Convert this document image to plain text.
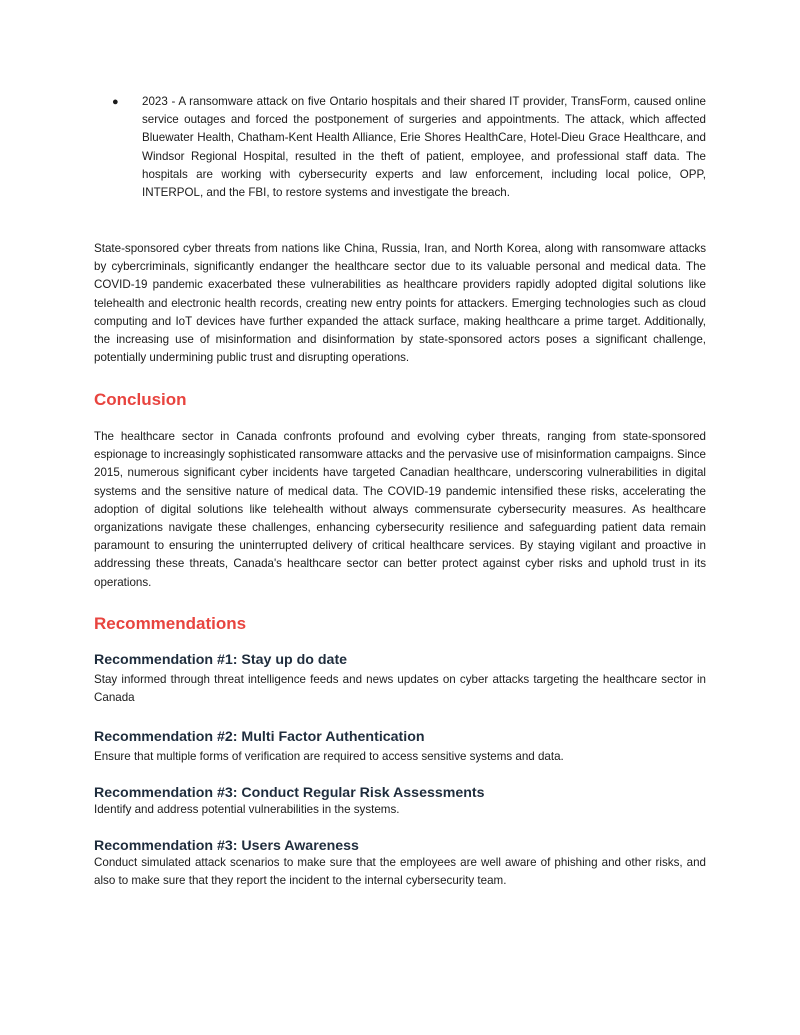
● 2023 - A ransomware attack on five Ontario hospitals and their shared IT provider, TransForm, caused online service outages and forced the postponement of surgeries and appointments. The attack, which affected Bluewater Health, Chatham-Kent Health Alliance, Erie Shores HealthCare, Hotel-Dieu Grace Healthcare, and Windsor Regional Hospital, resulted in the theft of patient, employee, and professional staff data. The hospitals are working with cybersecurity experts and law enforcement, including local police, OPP, INTERPOL, and the FBI, to restore systems and investigate the breach.

State-sponsored cyber threats from nations like China, Russia, Iran, and North Korea, along with ransomware attacks by cybercriminals, significantly endanger the healthcare sector due to its valuable personal and medical data. The COVID-19 pandemic exacerbated these vulnerabilities as healthcare providers rapidly adopted digital solutions like telehealth and electronic health records, creating new entry points for attackers. Emerging technologies such as cloud computing and IoT devices have further expanded the attack surface, making healthcare a prime target. Additionally, the increasing use of misinformation and disinformation by state-sponsored actors poses a significant challenge, potentially undermining public trust and disrupting operations.

Conclusion

The healthcare sector in Canada confronts profound and evolving cyber threats, ranging from state-sponsored espionage to increasingly sophisticated ransomware attacks and the pervasive use of misinformation campaigns. Since 2015, numerous significant cyber incidents have targeted Canadian healthcare, underscoring vulnerabilities in digital systems and the sensitive nature of medical data. The COVID-19 pandemic intensified these risks, accelerating the adoption of digital solutions like telehealth without always commensurate cybersecurity measures. As healthcare organizations navigate these challenges, enhancing cybersecurity resilience and safeguarding patient data remain paramount to ensuring the uninterrupted delivery of critical healthcare services. By staying vigilant and proactive in addressing these threats, Canada's healthcare sector can better protect against cyber risks and uphold trust in its operations.

Recommendations
Recommendation #1: Stay up do date

Stay informed through threat intelligence feeds and news updates on cyber attacks targeting the healthcare sector in Canada

Recommendation #2: Multi Factor Authentication

Ensure that multiple forms of verification are required to access sensitive systems and data.

Recommendation #3: Conduct Regular Risk Assessments

Identify and address potential vulnerabilities in the systems.

Recommendation #3: Users Awareness

Conduct simulated attack scenarios to make sure that the employees are well aware of phishing and other risks, and also to make sure that they report the incident to the internal cybersecurity team.
